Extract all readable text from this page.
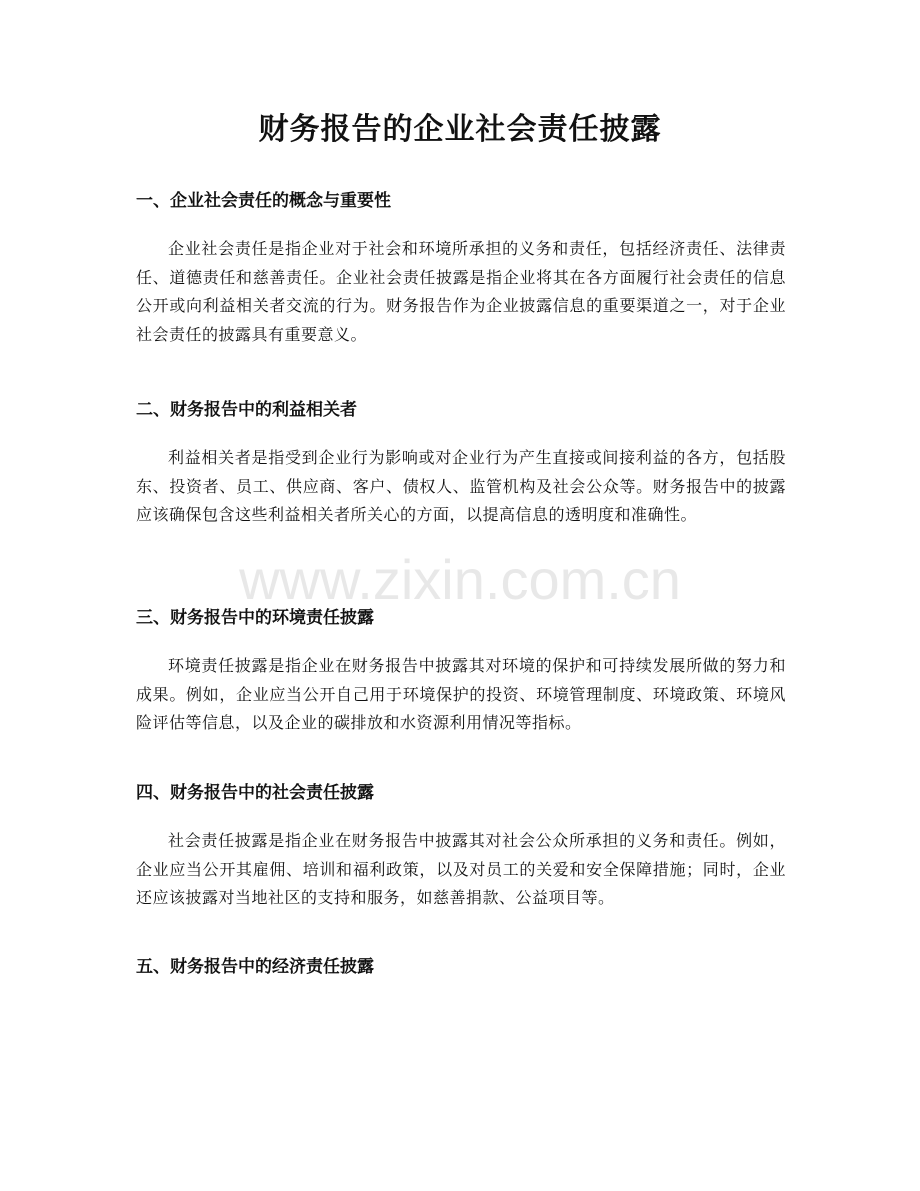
财务报告的企业社会责任披露
一、企业社会责任的概念与重要性

企业社会责任是指企业对于社会和环境所承担的义务和责任，包括经济责任、法律责任、道德责任和慈善责任。企业社会责任披露是指企业将其在各方面履行社会责任的信息公开或向利益相关者交流的行为。财务报告作为企业披露信息的重要渠道之一，对于企业社会责任的披露具有重要意义。

二、财务报告中的利益相关者

利益相关者是指受到企业行为影响或对企业行为产生直接或间接利益的各方，包括股东、投资者、员工、供应商、客户、债权人、监管机构及社会公众等。财务报告中的披露应该确保包含这些利益相关者所关心的方面，以提高信息的透明度和准确性。

三、财务报告中的环境责任披露

环境责任披露是指企业在财务报告中披露其对环境的保护和可持续发展所做的努力和成果。例如，企业应当公开自己用于环境保护的投资、环境管理制度、环境政策、环境风险评估等信息，以及企业的碳排放和水资源利用情况等指标。

四、财务报告中的社会责任披露

社会责任披露是指企业在财务报告中披露其对社会公众所承担的义务和责任。例如，企业应当公开其雇佣、培训和福利政策，以及对员工的关爱和安全保障措施；同时，企业还应该披露对当地社区的支持和服务，如慈善捐款、公益项目等。

五、财务报告中的经济责任披露
www.zixin.com.cn
